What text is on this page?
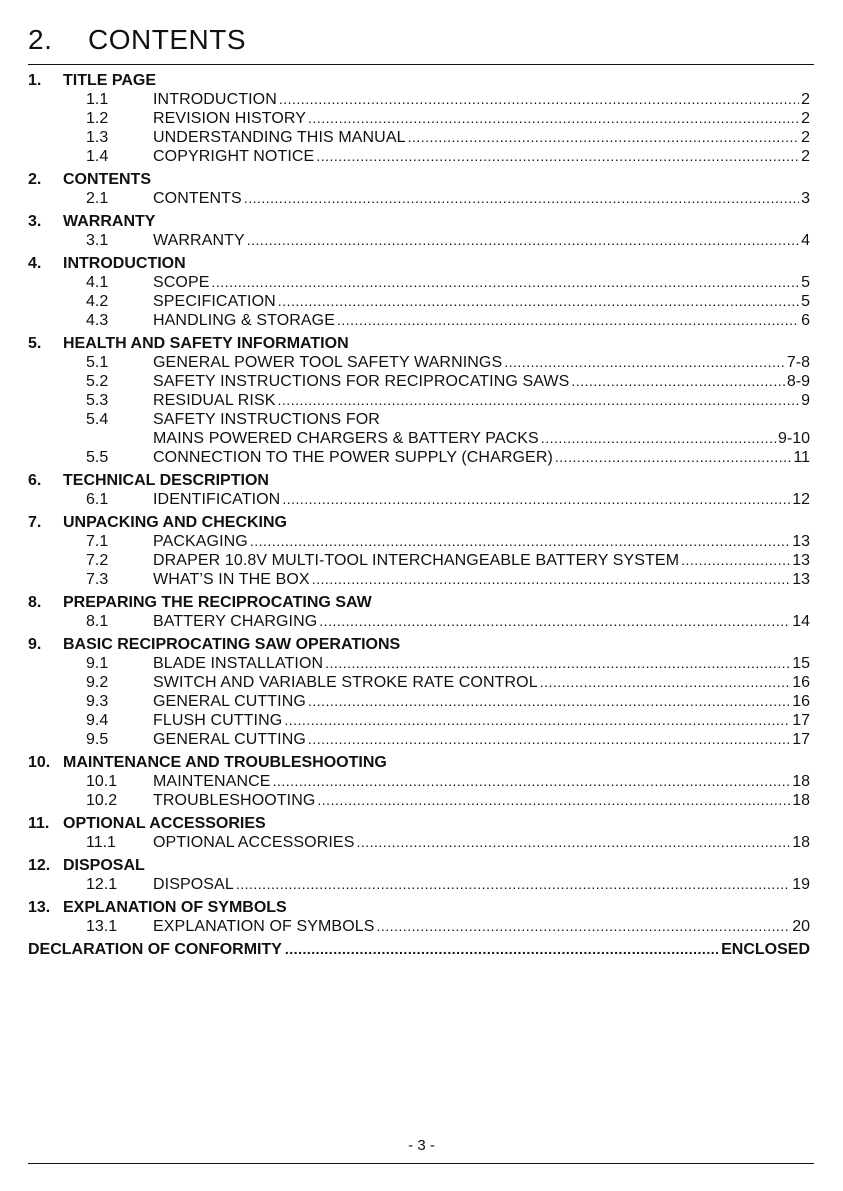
2. CONTENTS
1.	TITLE PAGE
1.1	INTRODUCTION .....	2
1.2	REVISION HISTORY .....	2
1.3	UNDERSTANDING THIS MANUAL .....	2
1.4	COPYRIGHT NOTICE .....	2
2.	CONTENTS
2.1	CONTENTS .....	3
3.	WARRANTY
3.1	WARRANTY .....	4
4.	INTRODUCTION
4.1	SCOPE .....	5
4.2	SPECIFICATION .....	5
4.3	HANDLING & STORAGE .....	6
5.	HEALTH AND SAFETY INFORMATION
5.1	GENERAL POWER TOOL SAFETY WARNINGS .....	7-8
5.2	SAFETY INSTRUCTIONS FOR RECIPROCATING SAWS .....	8-9
5.3	RESIDUAL RISK .....	9
5.4	SAFETY INSTRUCTIONS FOR
MAINS POWERED CHARGERS & BATTERY PACKS .....	9-10
5.5	CONNECTION TO THE POWER SUPPLY (CHARGER) .....	11
6.	TECHNICAL DESCRIPTION
6.1	IDENTIFICATION .....	12
7.	UNPACKING AND CHECKING
7.1	PACKAGING .....	13
7.2	DRAPER 10.8V MULTI-TOOL INTERCHANGEABLE BATTERY SYSTEM .....	13
7.3	WHAT’S IN THE BOX .....	13
8.	PREPARING THE RECIPROCATING SAW
8.1	BATTERY CHARGING .....	14
9.	BASIC RECIPROCATING SAW OPERATIONS
9.1	BLADE INSTALLATION .....	15
9.2	SWITCH AND VARIABLE STROKE RATE CONTROL .....	16
9.3	GENERAL CUTTING .....	16
9.4	FLUSH CUTTING .....	17
9.5	GENERAL CUTTING .....	17
10. MAINTENANCE AND TROUBLESHOOTING
10.1	MAINTENANCE .....	18
10.2	TROUBLESHOOTING .....	18
11. OPTIONAL ACCESSORIES
11.1	OPTIONAL ACCESSORIES .....	18
12. DISPOSAL
12.1	DISPOSAL .....	19
13. EXPLANATION OF SYMBOLS
13.1	EXPLANATION OF SYMBOLS .....	20
DECLARATION OF CONFORMITY .....	ENCLOSED
- 3 -
